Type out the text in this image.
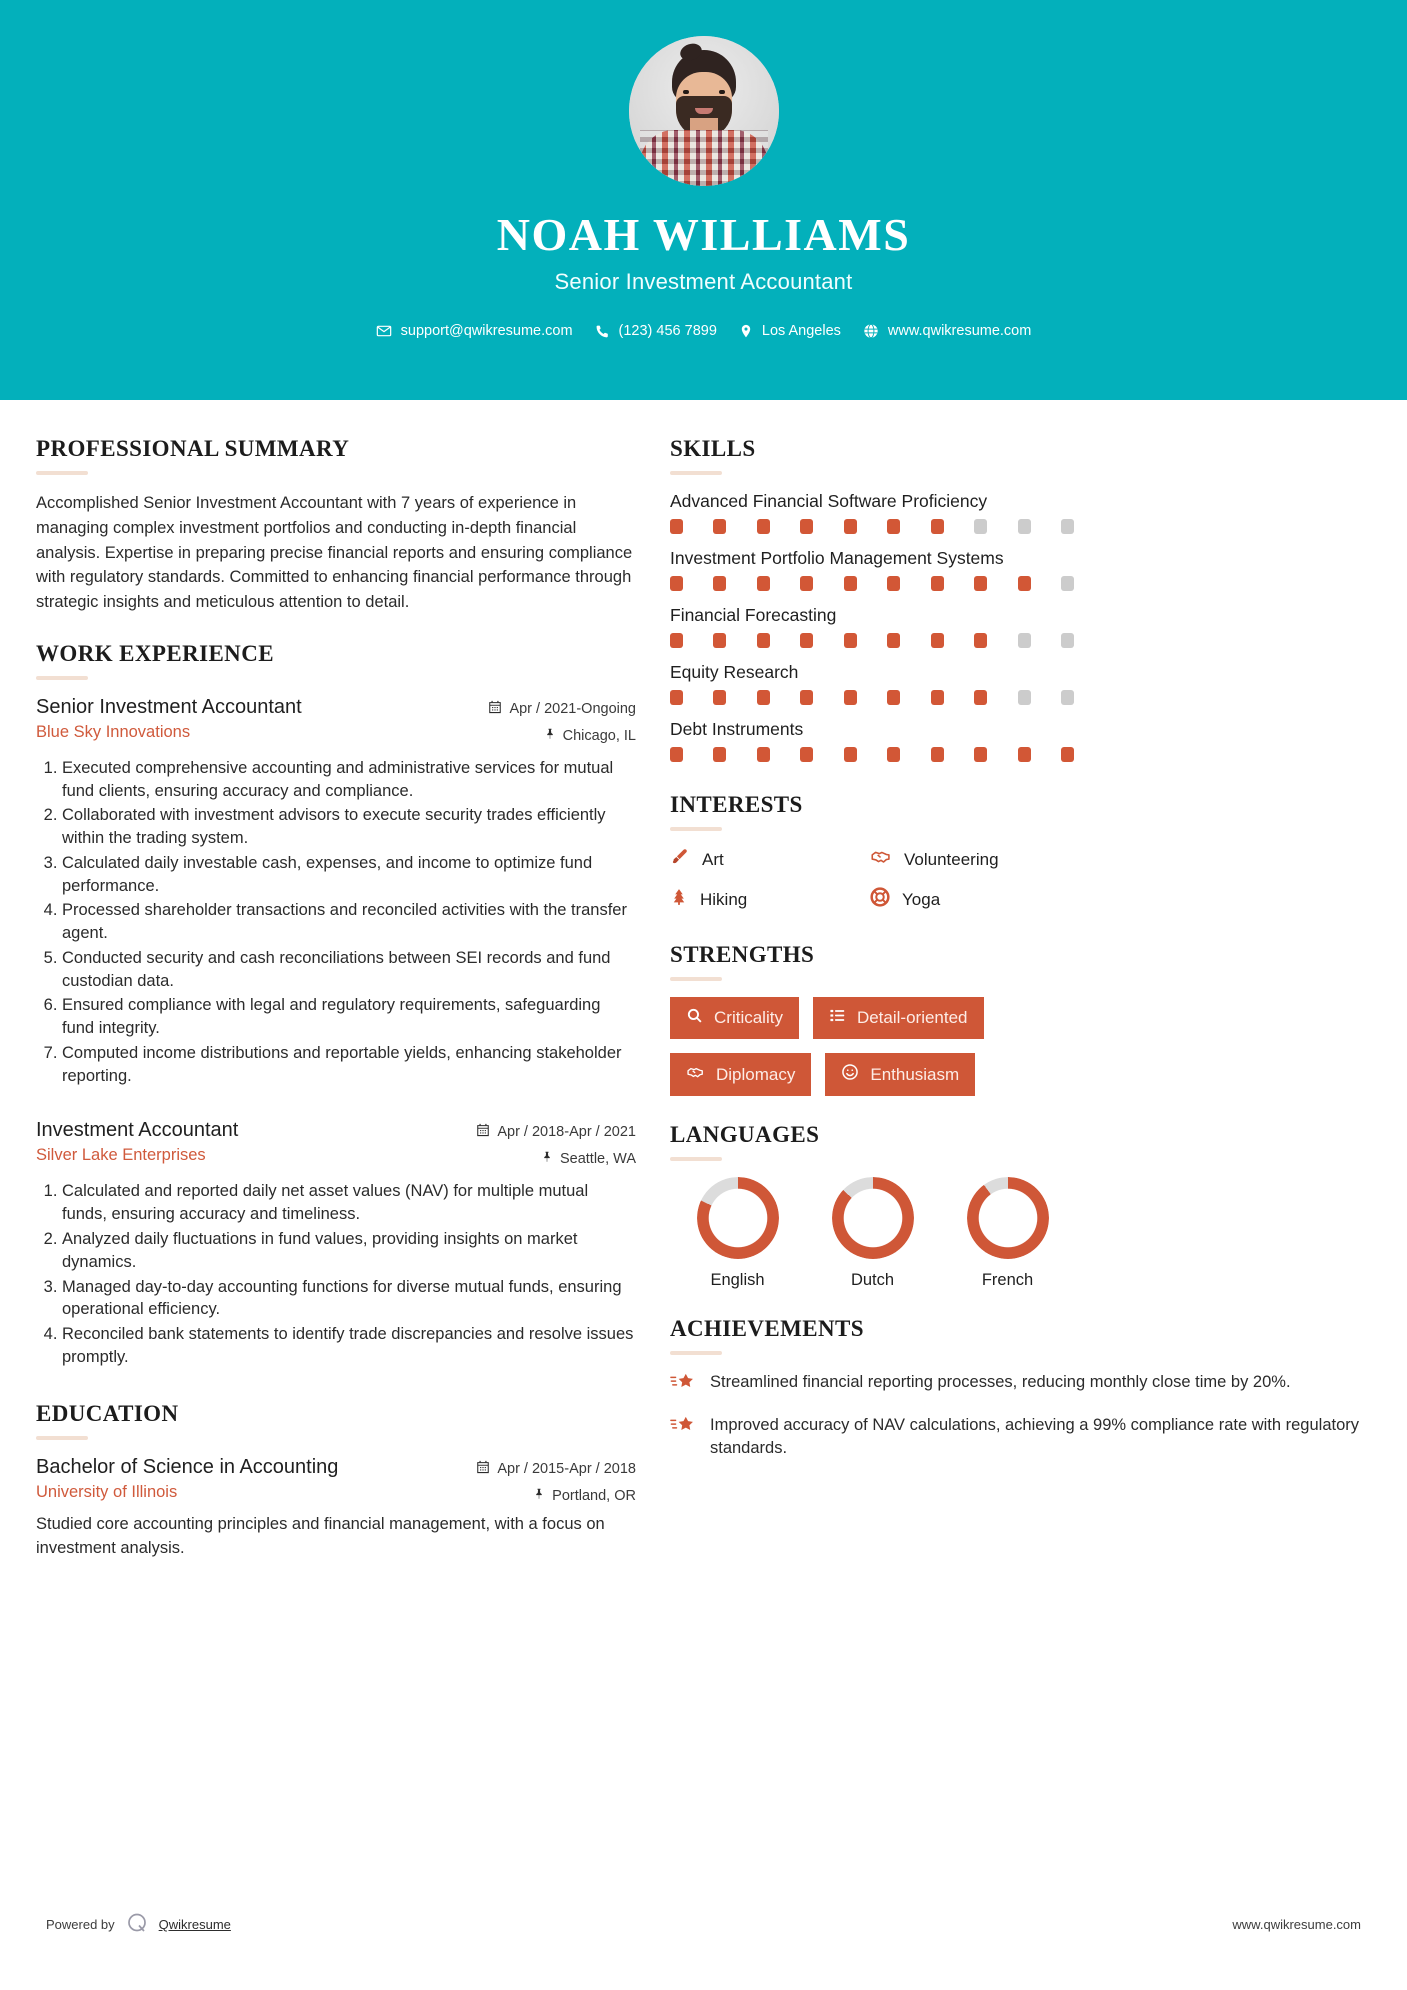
NOAH WILLIAMS
Senior Investment Accountant
support@qwikresume.com	(123) 456 7899	Los Angeles	www.qwikresume.com
PROFESSIONAL SUMMARY
Accomplished Senior Investment Accountant with 7 years of experience in managing complex investment portfolios and conducting in-depth financial analysis. Expertise in preparing precise financial reports and ensuring compliance with regulatory standards. Committed to enhancing financial performance through strategic insights and meticulous attention to detail.
WORK EXPERIENCE
Senior Investment Accountant
Blue Sky Innovations
Apr / 2021-Ongoing
Chicago, IL
1. Executed comprehensive accounting and administrative services for mutual fund clients, ensuring accuracy and compliance.
2. Collaborated with investment advisors to execute security trades efficiently within the trading system.
3. Calculated daily investable cash, expenses, and income to optimize fund performance.
4. Processed shareholder transactions and reconciled activities with the transfer agent.
5. Conducted security and cash reconciliations between SEI records and fund custodian data.
6. Ensured compliance with legal and regulatory requirements, safeguarding fund integrity.
7. Computed income distributions and reportable yields, enhancing stakeholder reporting.
Investment Accountant
Silver Lake Enterprises
Apr / 2018-Apr / 2021
Seattle, WA
1. Calculated and reported daily net asset values (NAV) for multiple mutual funds, ensuring accuracy and timeliness.
2. Analyzed daily fluctuations in fund values, providing insights on market dynamics.
3. Managed day-to-day accounting functions for diverse mutual funds, ensuring operational efficiency.
4. Reconciled bank statements to identify trade discrepancies and resolve issues promptly.
EDUCATION
Bachelor of Science in Accounting
University of Illinois
Apr / 2015-Apr / 2018
Portland, OR
Studied core accounting principles and financial management, with a focus on investment analysis.
SKILLS
Advanced Financial Software Proficiency
Investment Portfolio Management Systems
Financial Forecasting
Equity Research
Debt Instruments
INTERESTS
Art	Volunteering
Hiking	Yoga
STRENGTHS
Criticality	Detail-oriented
Diplomacy	Enthusiasm
LANGUAGES
English	Dutch	French
ACHIEVEMENTS
Streamlined financial reporting processes, reducing monthly close time by 20%.
Improved accuracy of NAV calculations, achieving a 99% compliance rate with regulatory standards.
Powered by	Qwikresume	www.qwikresume.com
